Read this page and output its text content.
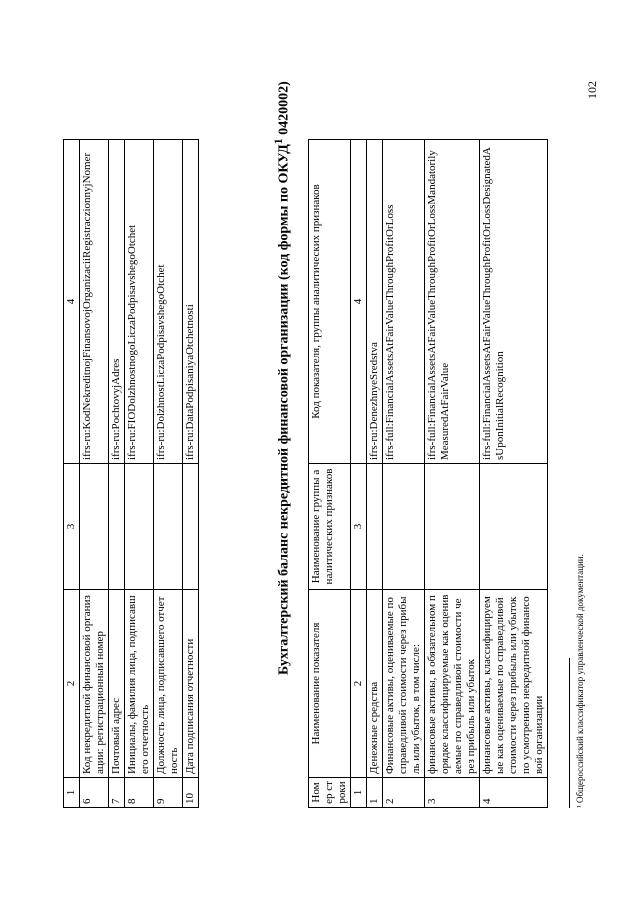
1	2	3	4
6	Код некредитной финансовой организации: регистрационный номер		ifrs-ru:KodNekreditnojFinansovojOrganizaciiRegistraczionnyjNomer
7	Почтовый адрес		ifrs-ru:PochtovyjAdres
8	Инициалы, фамилия лица, подписавшего отчетность		ifrs-ru:FIODolzhnostnogoLiczaPodpisavshegoOtchet
9	Должность лица, подписавшего отчетность		ifrs-ru:DolzhnostLiczaPodpisavshegoOtchet
10	Дата подписания отчетности		ifrs-ru:DataPodpisaniyaOtchetnosti	Бухгалтерский баланс некредитной финансовой организации (код формы по ОКУД$^1$ 0420002)
Номер строки	Наименование показателя	Наименование группы аналитических признаков	Код показателя, группы аналитических признаков
1	2	3	4
1	Денежные средства		ifrs-ru:DenezhnyeSredstva
2	Финансовые активы, оцениваемые по справедливой стоимости через прибыль или убыток, в том числе:		ifrs-full:FinancialAssetsAtFairValueThroughProfitOrLoss
3	финансовые активы, в обязательном порядке классифицируемые как оцениваемые по справедливой стоимости через прибыль или убыток		ifrs-full:FinancialAssetsAtFairValueThroughProfitOrLossMandatorilyMeasuredAtFairValue
4	финансовые активы, классифицируемые как оцениваемые по справедливой стоимости через прибыль или убыток по усмотрению некредитной финансовой организации		ifrs-full:FinancialAssetsAtFairValueThroughProfitOrLossDesignatedAsUponInitialRecognition
¹ Общероссийский классификатор управленческой документации.
102
